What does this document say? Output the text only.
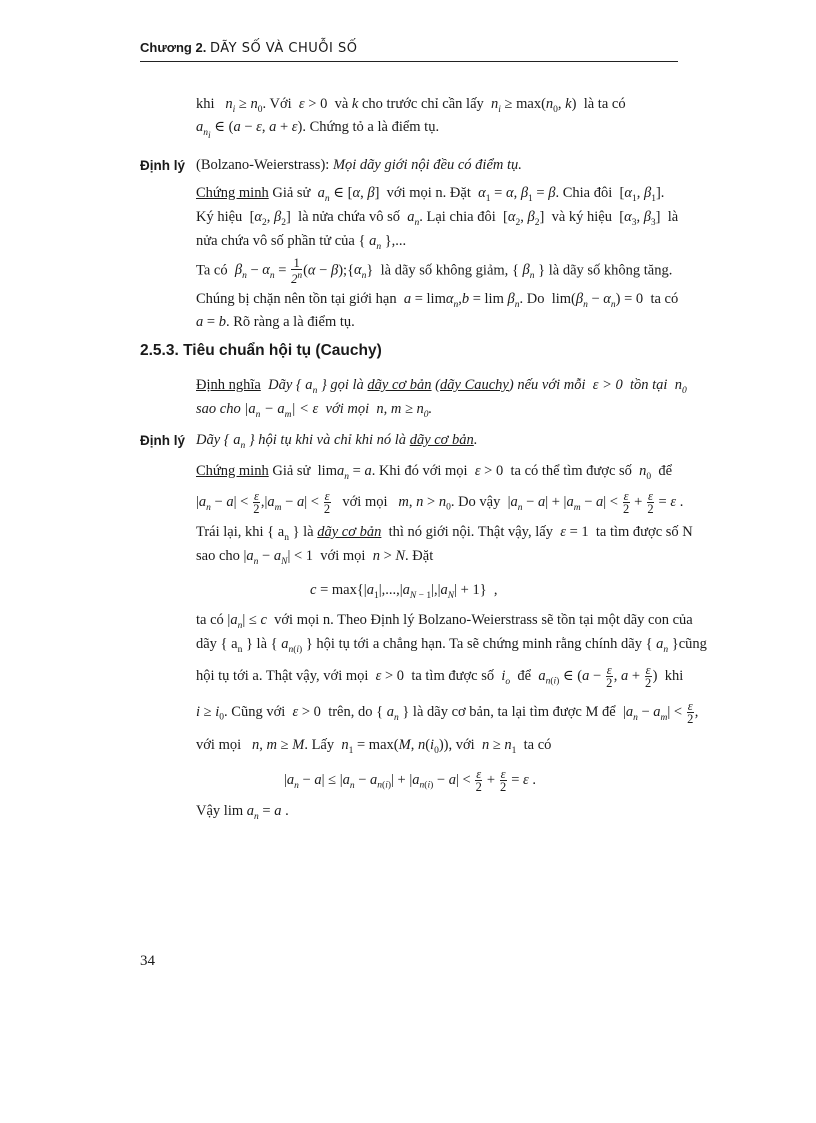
Chương 2. DÃY SỐ VÀ CHUỖI SỐ
khi $n_i \ge n_0$. Với ε > 0  và k cho trước chỉ cần lấy $n_i \ge \max(n_0$, k)  là ta có
$a_{n_i}$ ∈ (a − ε, a + ε). Chứng tỏ a là điểm tụ.
Định lý (Bolzano-Weierstrass): Mọi dãy giới nội đều có điểm tụ.
Chứng minh Giả sử $a_n$ ∈ [α, β]  với mọi n. Đặt $\alpha_1 = \alpha$, $\beta_1 = \beta$. Chia đôi  [$\alpha_1$, $\beta_1$].
Ký hiệu  [$\alpha_2$, $\beta_2$]  là nửa chứa vô số $a_n$. Lại chia đôi  [$\alpha_2$, $\beta_2$]  và ký hiệu  [$\alpha_3$, $\beta_3$]  là
nửa chứa vô số phần tử của { $a_n$ },...
Ta có $\beta_n - \alpha_n = \frac{1}{2^n} (\alpha$ − $\beta);\{\alpha_n\}$  là dãy số không giảm, { $\beta_n$ } là dãy số không tăng.
Chúng bị chặn nên tồn tại giới hạn $a = \lim\alpha_n,b = \lim \beta_n$. Do  $\lim(\beta_n - \alpha_n) = 0$  ta có
a = b. Rõ ràng a là điểm tụ.
2.5.3. Tiêu chuẩn hội tụ (Cauchy)
Định nghĩa Dãy { $a_n$ } gọi là dãy cơ bản (dãy Cauchy) nếu với mỗi ε > 0  tồn tại $n_0$
sao cho $|a_n - a_m| < \varepsilon$ với mọi n, $m \ge n_0$.
Định lý Dãy { $a_n$ } hội tụ khi và chỉ khi nó là dãy cơ bản.
Chứng minh Giả sử  lima$_n$ = a. Khi đó với mọi ε > 0  ta có thể tìm được số $n_0$ để
$|a_n - a| < \frac{\varepsilon}{2} ,|a_m - a| < \frac{\varepsilon}{2}$ với mọi m, $n > n_0$. Do vậy  $|a_n - a| + |a_m - a| < \frac{\varepsilon}{2} + \frac{\varepsilon}{2} = \varepsilon$ .
Trái lại, khi { $a_n$ } là dãy cơ bản thì nó giới nội. Thật vậy, lấy ε = 1  ta tìm được số N
sao cho $|a_n - a_N| < 1$  với mọi n > N. Đặt
$c = \max\{|a_1|,...,|a_{N - 1}|,|a_N| + 1\}$  ,
ta có $|a_n| \le c$ với mọi n. Theo Định lý Bolzano-Weierstrass sẽ tồn tại một dãy con của
dãy { $a_n$ } là { $a_{n(i)}$ } hội tụ tới a chẳng hạn. Ta sẽ chứng minh rằng chính dãy { $a_n$ }cũng
hội tụ tới a. Thật vậy, với mọi ε > 0  ta tìm được số $i_o$ để $a_{n(i)}$ ∈ ($a - \frac{\varepsilon}{2}$ , $a + \frac{\varepsilon}{2}$ )  khi
$i \ge i_0$. Cũng với ε > 0  trên, do { $a_n$ } là dãy cơ bản, ta lại tìm được M để  $|a_n - a_m| < \frac{\varepsilon}{2}$ ,
với mọi n, m ≥ M. Lấy $n_1 = \max(M$, $n(i_0)$), với $n \ge n_1$ ta có
$|a_n - a| \le |a_n - a_{n(i)}| + |a_{n(i)} - a| < \frac{\varepsilon}{2} + \frac{\varepsilon}{2} = \varepsilon$ .
Vậy $\lim a_n = a$ .
34
